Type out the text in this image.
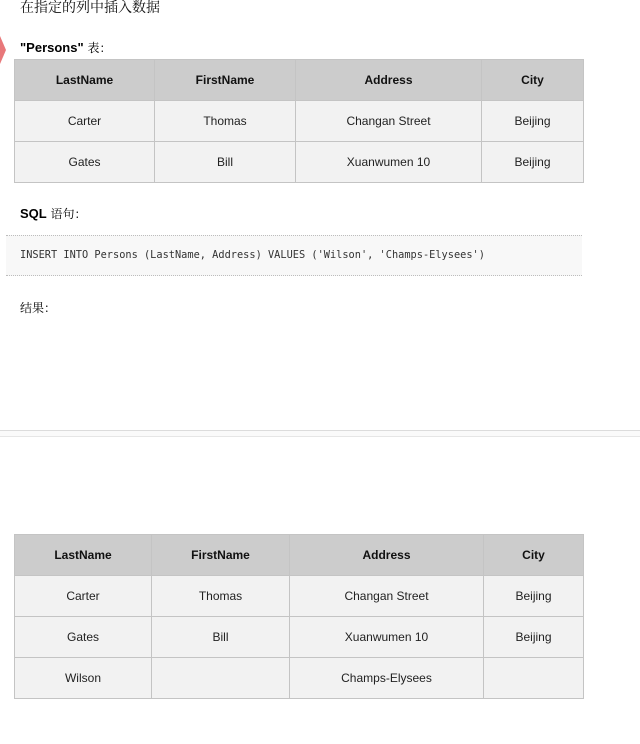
在指定的列中插入数据
"Persons" 表：
LastName	FirstName	Address	City
Carter	Thomas	Changan Street	Beijing
Gates	Bill	Xuanwumen 10	Beijing
SQL 语句：
INSERT INTO Persons (LastName, Address) VALUES ('Wilson', 'Champs-Elysees')
结果：
LastName	FirstName	Address	City
Carter	Thomas	Changan Street	Beijing
Gates	Bill	Xuanwumen 10	Beijing
Wilson		Champs-Elysees	
